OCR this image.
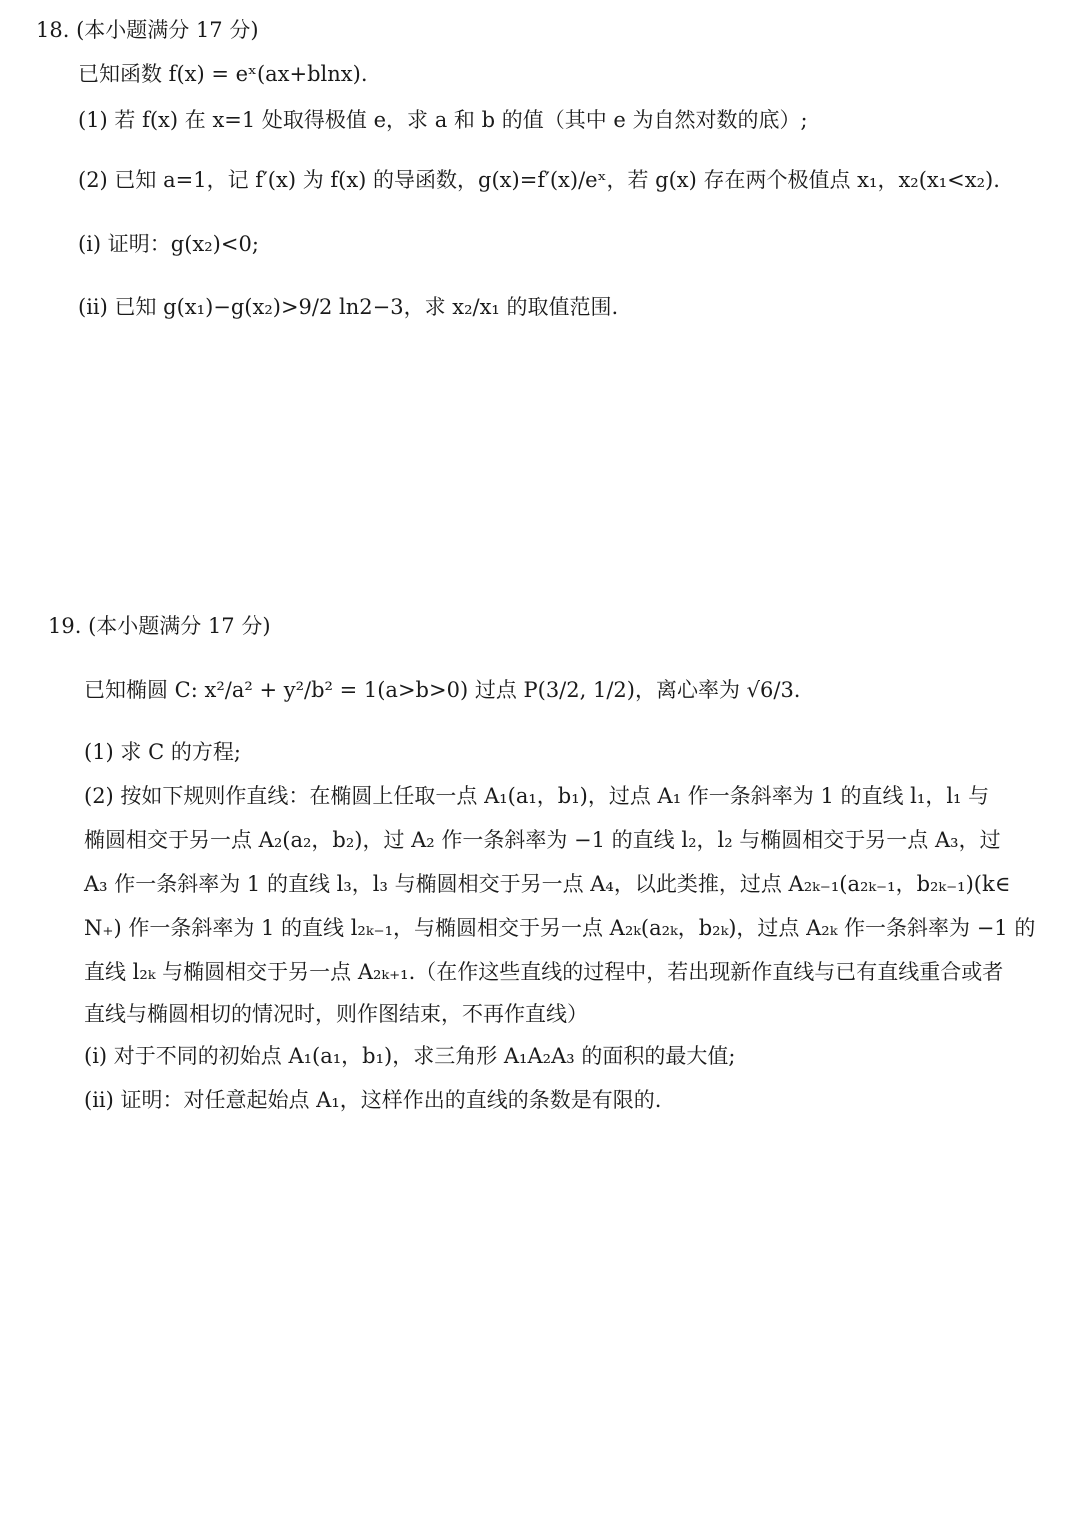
18. (本小题满分 17 分)
已知函数 f(x) = eˣ(ax+blnx).
(1) 若 f(x) 在 x=1 处取得极值 e，求 a 和 b 的值（其中 e 为自然对数的底）;
(2) 已知 a=1，记 f′(x) 为 f(x) 的导函数，g(x)=f′(x)/eˣ，若 g(x) 存在两个极值点 x₁，x₂(x₁<x₂).
(i) 证明：g(x₂)<0;
(ii) 已知 g(x₁)−g(x₂)>9/2 ln2−3，求 x₂/x₁ 的取值范围.
19. (本小题满分 17 分)
已知椭圆 C: x²/a² + y²/b² = 1(a>b>0) 过点 P(3/2, 1/2)，离心率为 √6/3.
(1) 求 C 的方程;
(2) 按如下规则作直线：在椭圆上任取一点 A₁(a₁，b₁)，过点 A₁ 作一条斜率为 1 的直线 l₁，l₁ 与
椭圆相交于另一点 A₂(a₂，b₂)，过 A₂ 作一条斜率为 −1 的直线 l₂，l₂ 与椭圆相交于另一点 A₃，过
A₃ 作一条斜率为 1 的直线 l₃，l₃ 与椭圆相交于另一点 A₄，以此类推，过点 A₂ₖ₋₁(a₂ₖ₋₁，b₂ₖ₋₁)(k∈
N₊) 作一条斜率为 1 的直线 l₂ₖ₋₁，与椭圆相交于另一点 A₂ₖ(a₂ₖ，b₂ₖ)，过点 A₂ₖ 作一条斜率为 −1 的
直线 l₂ₖ 与椭圆相交于另一点 A₂ₖ₊₁.（在作这些直线的过程中，若出现新作直线与已有直线重合或者
直线与椭圆相切的情况时，则作图结束，不再作直线）
(i) 对于不同的初始点 A₁(a₁，b₁)，求三角形 A₁A₂A₃ 的面积的最大值;
(ii) 证明：对任意起始点 A₁，这样作出的直线的条数是有限的.
